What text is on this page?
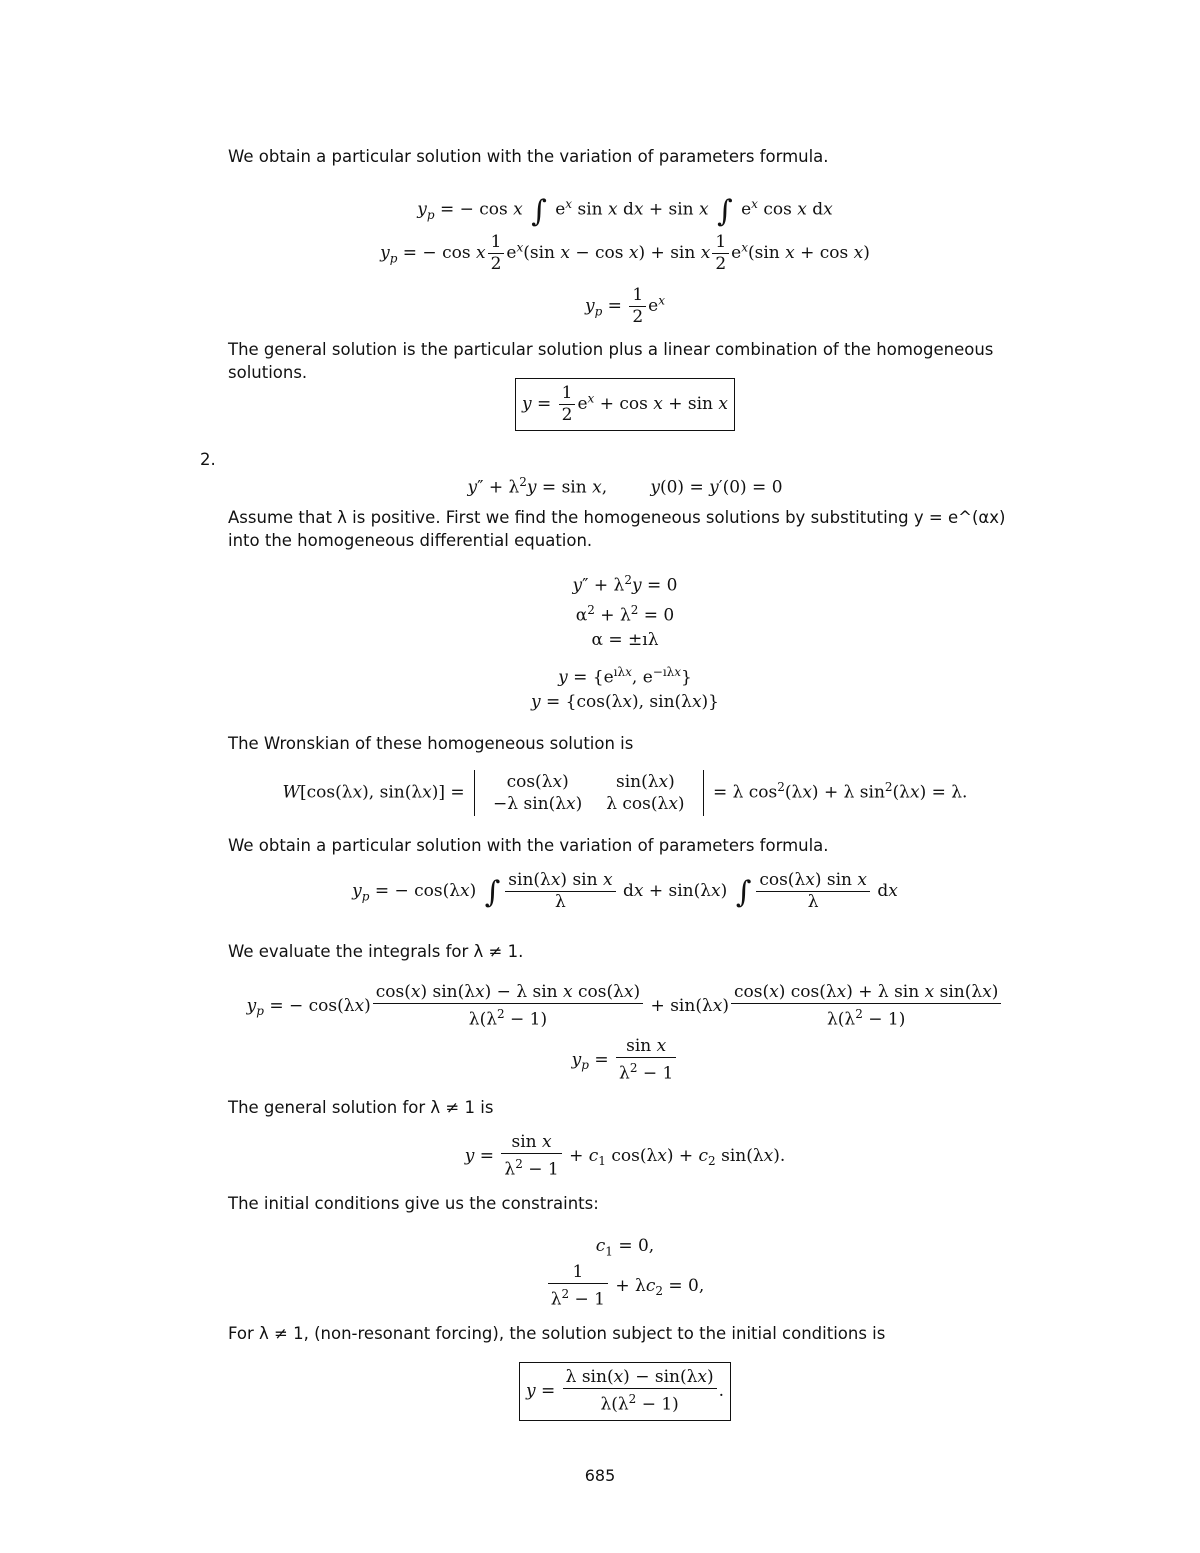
We obtain a particular solution with the variation of parameters formula.
$y_p$ = − cos x ∫ $e^x$ sin x dx + sin x ∫ $e^x$ cos x dx
$y_p$ = − cos x $\frac{1}{2} e^x(\sin$ x − cos x) + sin x $\frac{1}{2} e^x(\sin$ x + cos x)
$y_p = \frac{1}{2} e^x$
The general solution is the particular solution plus a linear combination of the homogeneous solutions.
$y = \frac{1}{2} e^x + \cos x + \sin x$
2.
$y'' + \lambda^2y = \sin x$,        y(0) = y′(0) = 0
Assume that λ is positive. First we find the homogeneous solutions by substituting y = e^(αx) into the homogeneous differential equation.
$y'' + \lambda^2y = 0$
$\alpha^2 + \lambda^2 = 0$
α = ±ıλ
$y = \{e^{ı\lambda x}$, $e^{-ı\lambda x}$}
y = {cos(λx), sin(λx)}
The Wronskian of these homogeneous solution is
W[cos(λx), sin(λx)] =
cos(λx)	sin(λx)
−λ sin(λx)	λ cos(λx)
= λ $\cos^2(\lambda x) + \lambda$ $\sin^2(\lambda x) = \lambda$.
We obtain a particular solution with the variation of parameters formula.
$y_p$ = − cos(λx) ∫ $\frac{\text{sin(λx) sin x}}{\lambda}$ dx + sin(λx) ∫ $\frac{\text{cos(λx) sin x}}{\lambda}$ dx
We evaluate the integrals for λ ≠ 1.
$y_p$ = − $\cos(\lambda x) \frac{\text{cos(x) sin(λx) − λ sin x cos(λx)}}{\lambda(\lambda^2 - 1)} + \sin(\lambda x) \frac{\text{cos(x) cos(λx) + λ sin x sin(λx)}}{\lambda(\lambda^2 - 1)}$
$y_p = \frac{\text{sin x}}{\lambda^2 - 1}$
The general solution for λ ≠ 1 is
$y = \frac{\text{sin x}}{\lambda^2 - 1} + c_1$ $\cos(\lambda x) + c_2$ sin(λx).
The initial conditions give us the constraints:
$c_1 = 0$,
$\frac{1}{\lambda^2 - 1} + \lambda c_2 = 0$,
For λ ≠ 1, (non-resonant forcing), the solution subject to the initial conditions is
$y = \frac{\text{λ sin(x) − sin(λx)}}{\lambda(\lambda^2 - 1)}$ .
685
